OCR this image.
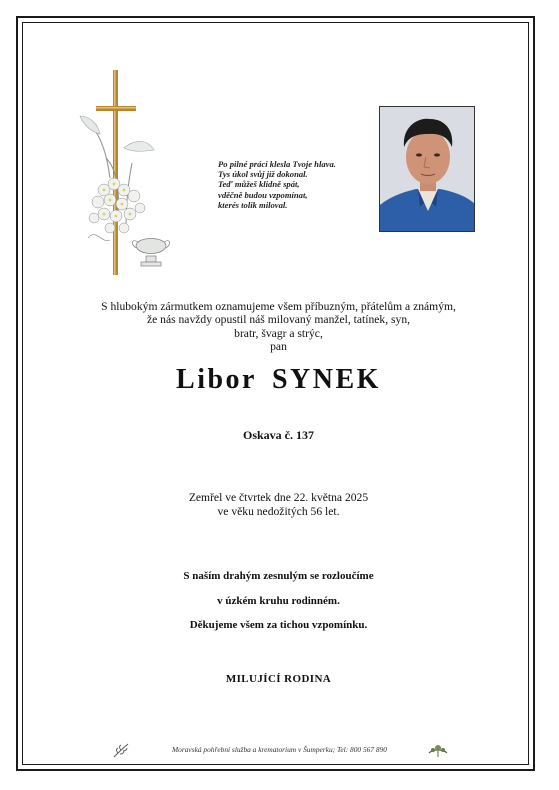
Po pilné práci klesla Tvoje hlava.
Tys úkol svůj již dokonal.
Teď můžeš klidně spát,
vděčně budou vzpomínat,
kterés tolik miloval.
S hlubokým zármutkem oznamujeme všem příbuzným, přátelům a známým,
že nás navždy opustil náš milovaný manžel, tatínek, syn,
bratr, švagr a strýc,
pan
Libor SYNEK
Oskava č. 137
Zemřel ve čtvrtek dne 22. května 2025
ve věku nedožitých 56 let.
S naším drahým zesnulým se rozloučíme
v úzkém kruhu rodinném.
Děkujeme všem za tichou vzpomínku.
MILUJÍCÍ RODINA
Moravská pohřební služba a krematorium v Šumperku; Tel: 800 567 890
